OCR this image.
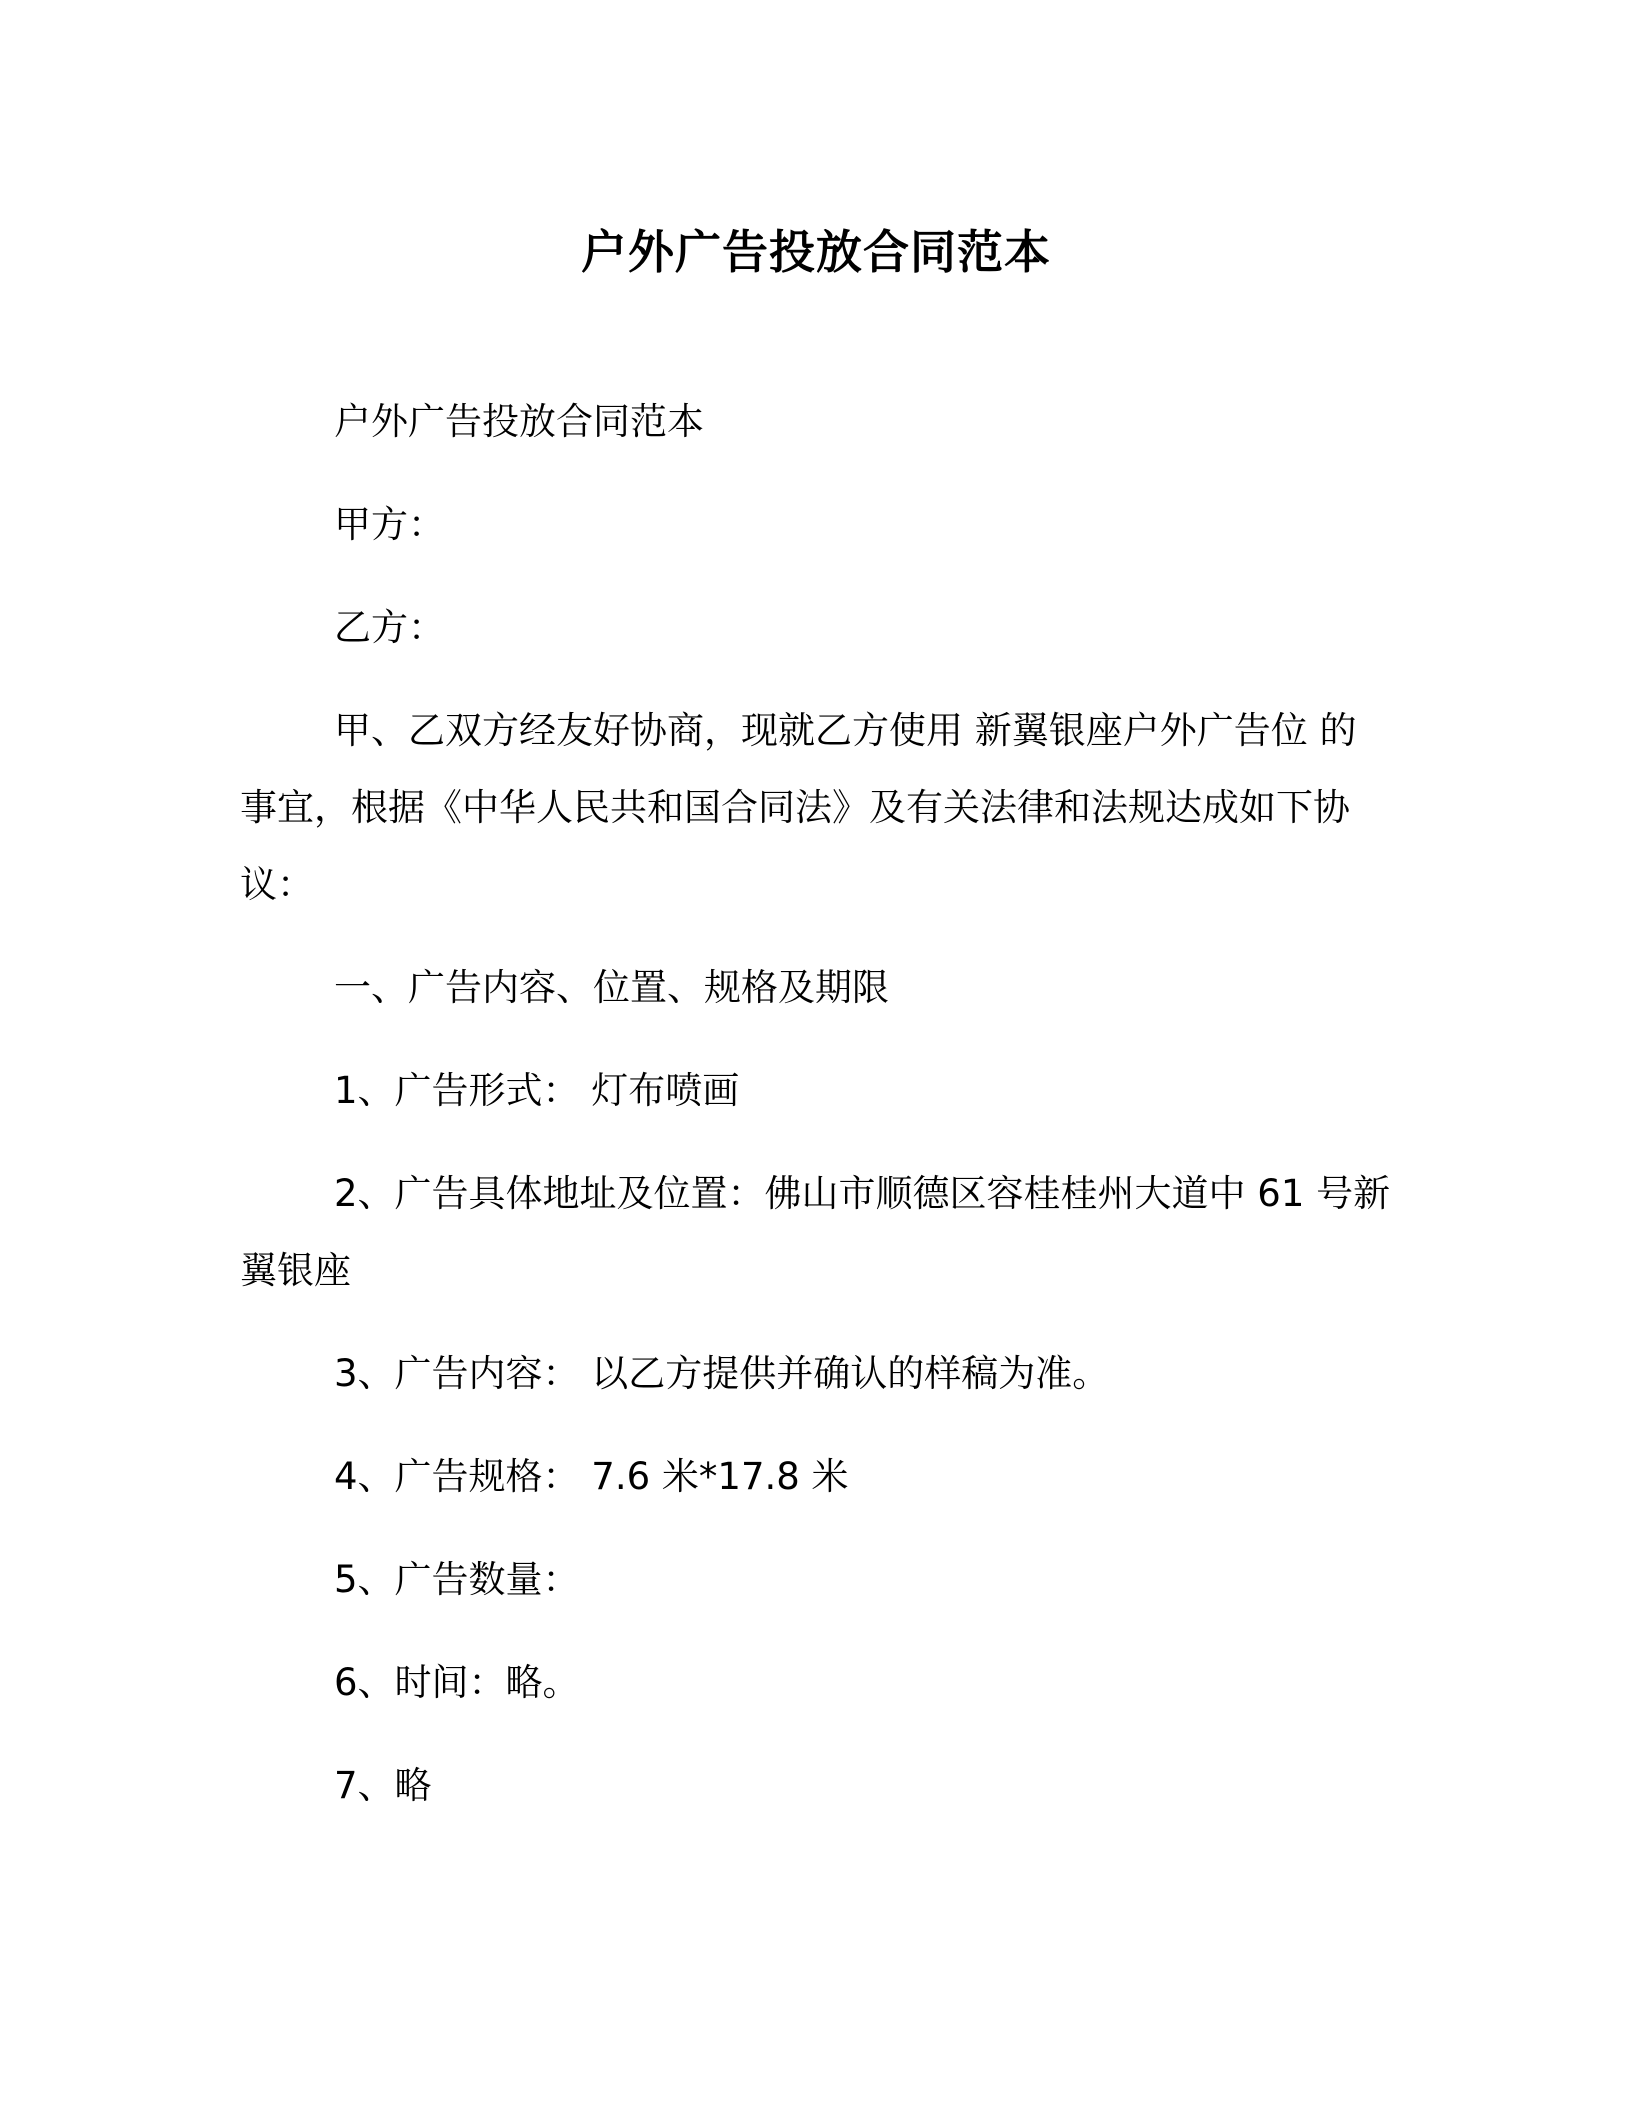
户外广告投放合同范本
户外广告投放合同范本
甲方：
乙方：
甲、乙双方经友好协商，现就乙方使用 新翼银座户外广告位 的
事宜，根据《中华人民共和国合同法》及有关法律和法规达成如下协
议：
一、广告内容、位置、规格及期限
1、广告形式： 灯布喷画
2、广告具体地址及位置：佛山市顺德区容桂桂州大道中 61 号新
翼银座
3、广告内容： 以乙方提供并确认的样稿为准。
4、广告规格： 7.6 米*17.8 米
5、广告数量：
6、时间：略。
7、略
